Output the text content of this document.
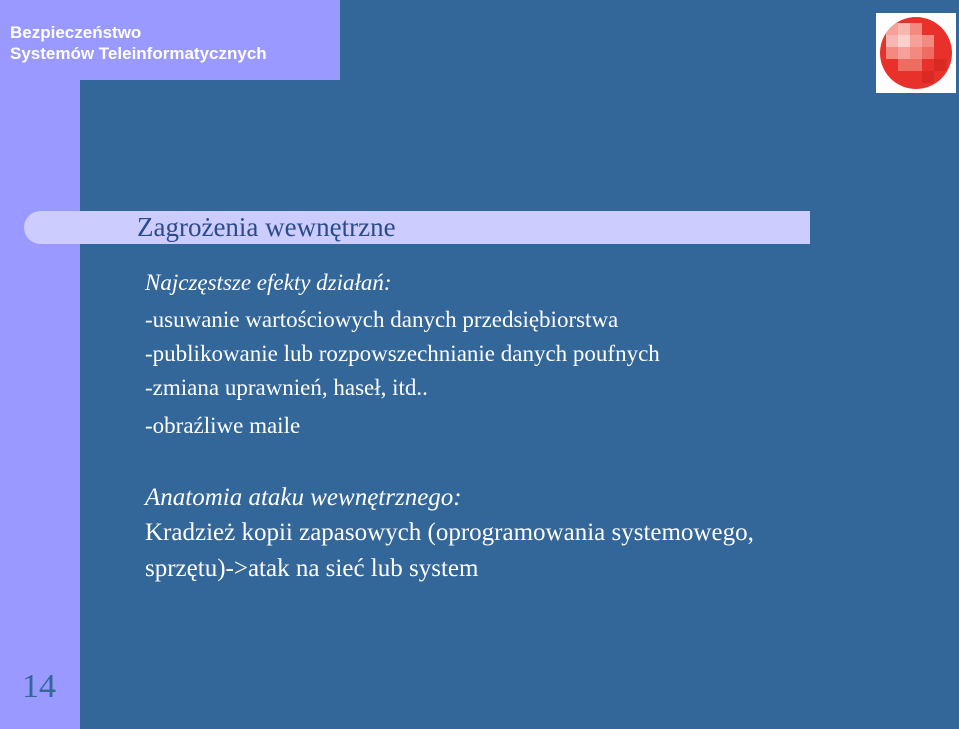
Bezpieczeństwo
Systemów Teleinformatycznych
Zagrożenia wewnętrzne
Najczęstsze efekty działań:
-usuwanie wartościowych danych przedsiębiorstwa
-publikowanie lub rozpowszechnianie danych poufnych
-zmiana uprawnień, haseł, itd..
-obraźliwe maile
Anatomia ataku wewnętrznego:
Kradzież kopii zapasowych (oprogramowania systemowego,
sprzętu)->atak na sieć lub system
14
